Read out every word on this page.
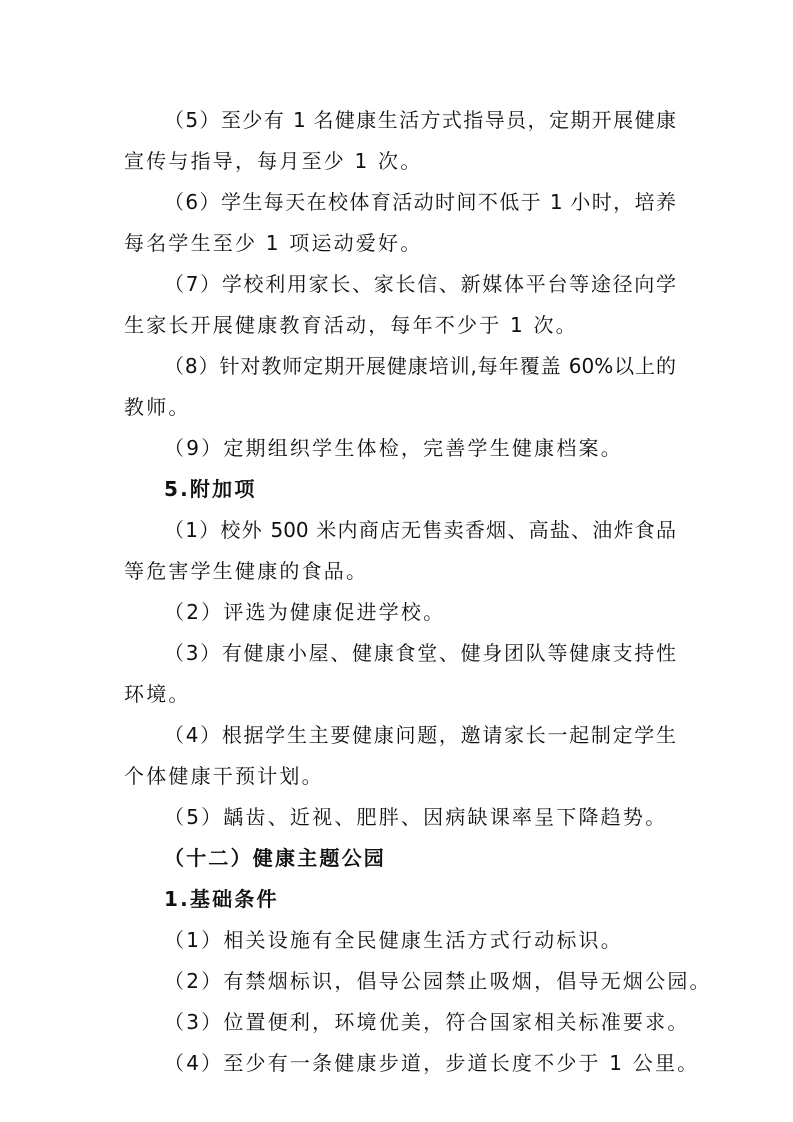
（5）至少有 1 名健康生活方式指导员，定期开展健康
宣传与指导，每月至少 1 次。
（6）学生每天在校体育活动时间不低于 1 小时，培养
每名学生至少 1 项运动爱好。
（7）学校利用家长、家长信、新媒体平台等途径向学
生家长开展健康教育活动，每年不少于 1 次。
（8）针对教师定期开展健康培训,每年覆盖 60%以上的
教师。
（9）定期组织学生体检，完善学生健康档案。
5.附加项
（1）校外 500 米内商店无售卖香烟、高盐、油炸食品
等危害学生健康的食品。
（2）评选为健康促进学校。
（3）有健康小屋、健康食堂、健身团队等健康支持性
环境。
（4）根据学生主要健康问题，邀请家长一起制定学生
个体健康干预计划。
（5）龋齿、近视、肥胖、因病缺课率呈下降趋势。
（十二）健康主题公园
1.基础条件
（1）相关设施有全民健康生活方式行动标识。
（2）有禁烟标识，倡导公园禁止吸烟，倡导无烟公园。
（3）位置便利，环境优美，符合国家相关标准要求。
（4）至少有一条健康步道，步道长度不少于 1 公里。
